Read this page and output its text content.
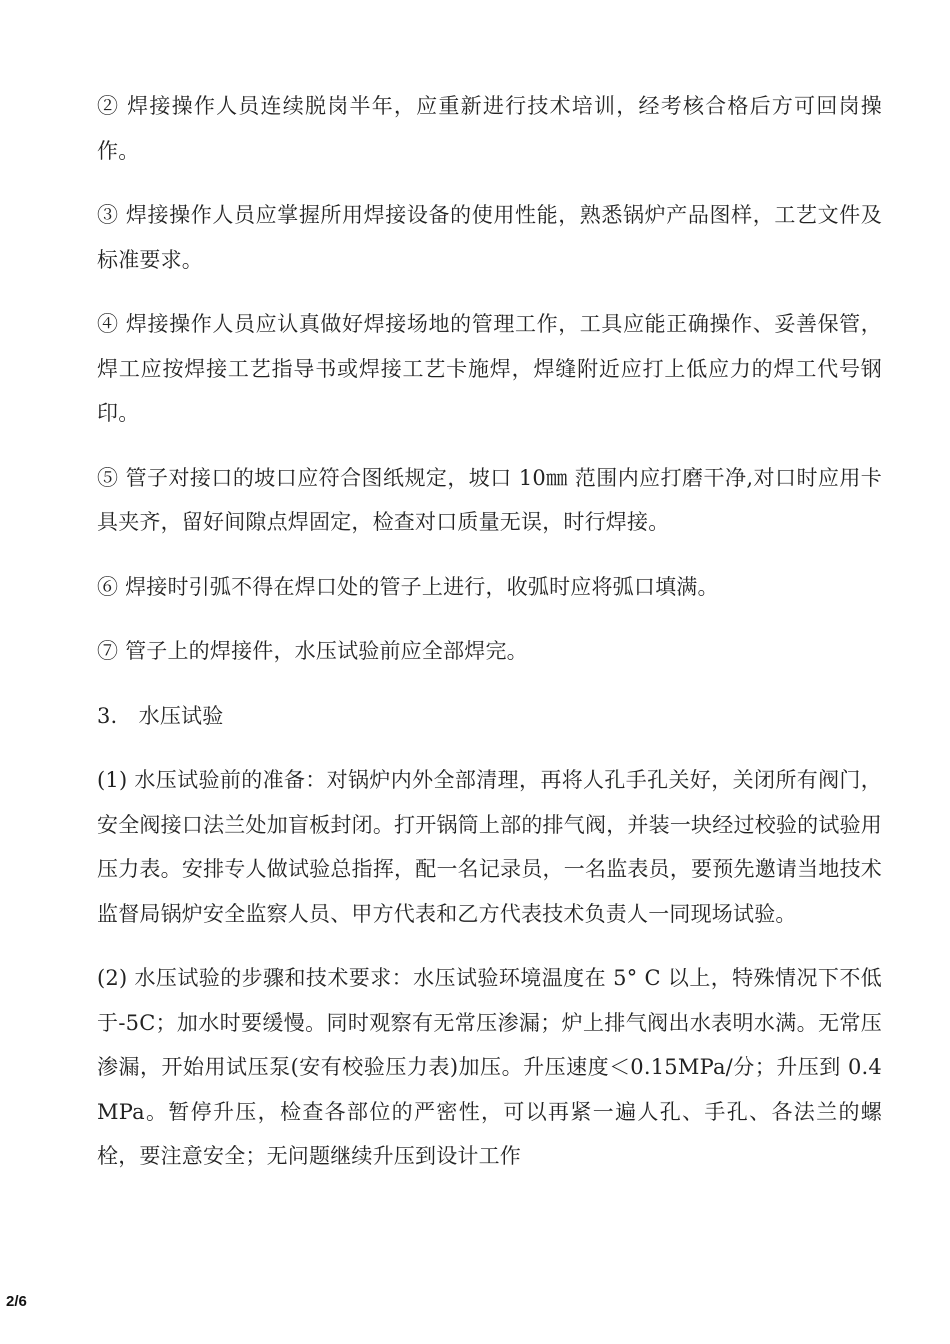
② 焊接操作人员连续脱岗半年，应重新进行技术培训，经考核合格后方可回岗操作。

③ 焊接操作人员应掌握所用焊接设备的使用性能，熟悉锅炉产品图样，工艺文件及标准要求。

④ 焊接操作人员应认真做好焊接场地的管理工作，工具应能正确操作、妥善保管，焊工应按焊接工艺指导书或焊接工艺卡施焊，焊缝附近应打上低应力的焊工代号钢印。

⑤ 管子对接口的坡口应符合图纸规定，坡口 10㎜ 范围内应打磨干净,对口时应用卡具夹齐，留好间隙点焊固定，检查对口质量无误，时行焊接。

⑥ 焊接时引弧不得在焊口处的管子上进行，收弧时应将弧口填满。

⑦ 管子上的焊接件，水压试验前应全部焊完。

3.　水压试验

(1) 水压试验前的准备：对锅炉内外全部清理，再将人孔手孔关好，关闭所有阀门，安全阀接口法兰处加盲板封闭。打开锅筒上部的排气阀，并装一块经过校验的试验用压力表。安排专人做试验总指挥，配一名记录员，一名监表员，要预先邀请当地技术监督局锅炉安全监察人员、甲方代表和乙方代表技术负责人一同现场试验。

(2) 水压试验的步骤和技术要求：水压试验环境温度在 5° C 以上，特殊情况下不低于-5C；加水时要缓慢。同时观察有无常压渗漏；炉上排气阀出水表明水满。无常压渗漏，开始用试压泵(安有校验压力表)加压。升压速度＜0.15MPa/分；升压到 0.4MPa。暂停升压，检查各部位的严密性，可以再紧一遍人孔、手孔、各法兰的螺栓，要注意安全；无问题继续升压到设计工作

2/6
